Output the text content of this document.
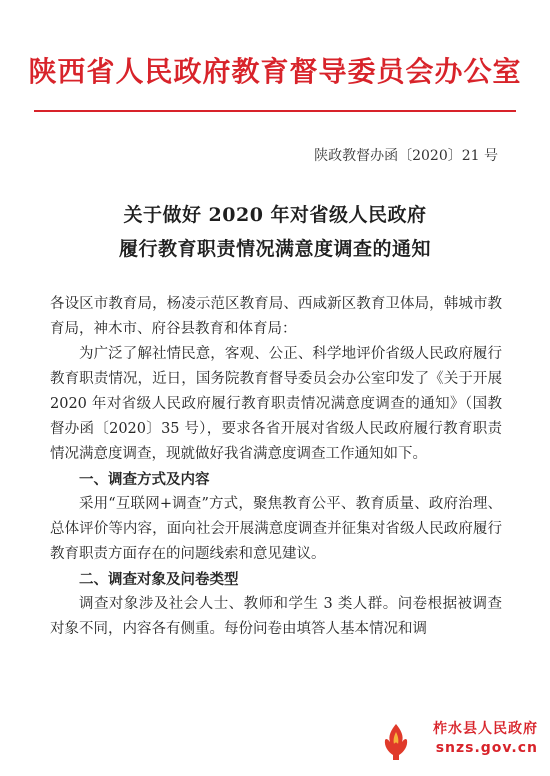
陕西省人民政府教育督导委员会办公室
陕政教督办函〔2020〕21 号
关于做好 2020 年对省级人民政府
履行教育职责情况满意度调查的通知

各设区市教育局，杨凌示范区教育局、西咸新区教育卫体局，韩城市教育局，神木市、府谷县教育和体育局：

为广泛了解社情民意，客观、公正、科学地评价省级人民政府履行教育职责情况，近日，国务院教育督导委员会办公室印发了《关于开展 2020 年对省级人民政府履行教育职责情况满意度调查的通知》（国教督办函〔2020〕35 号），要求各省开展对省级人民政府履行教育职责情况满意度调查，现就做好我省满意度调查工作通知如下。

一、调查方式及内容

采用“互联网+调查”方式，聚焦教育公平、教育质量、政府治理、总体评价等内容，面向社会开展满意度调查并征集对省级人民政府履行教育职责方面存在的问题线索和意见建议。

二、调查对象及问卷类型

调查对象涉及社会人士、教师和学生 3 类人群。问卷根据被调查对象不同，内容各有侧重。每份问卷由填答人基本情况和调

柞水县人民政府
snzs.gov.cn
